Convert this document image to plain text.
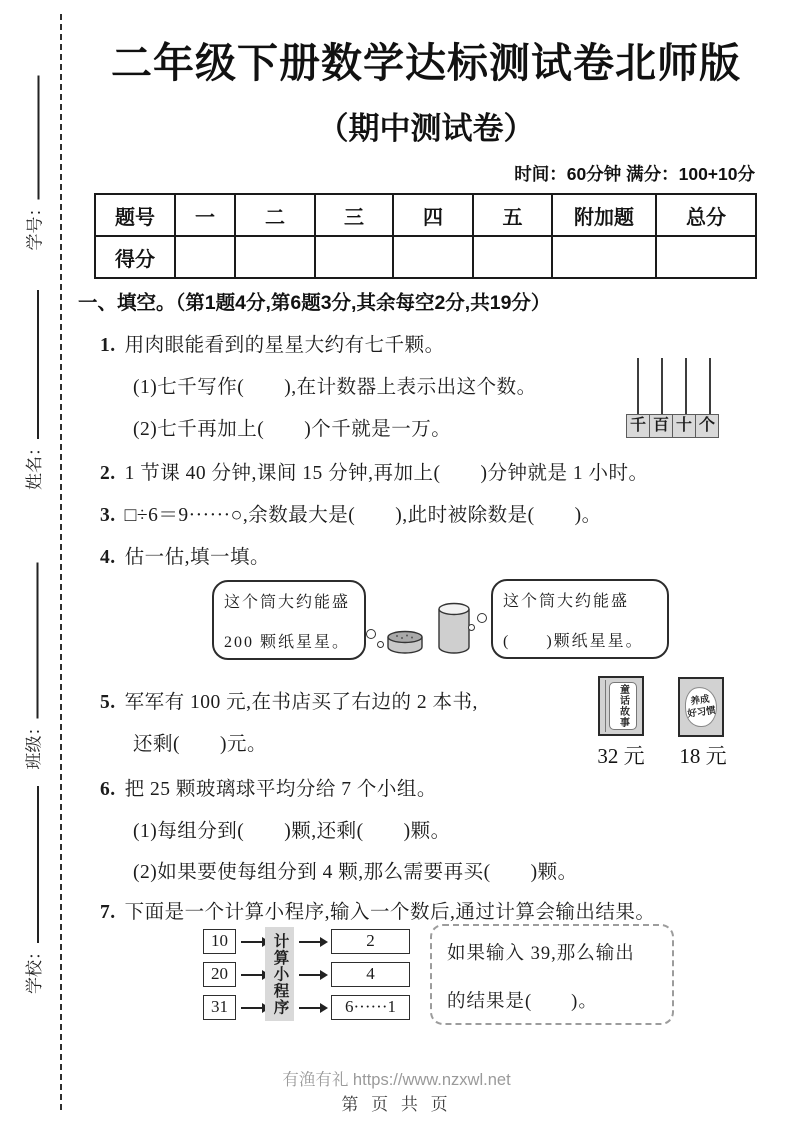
学号：
姓名：
班级：
学校：
二年级下册数学达标测试卷北师版
（期中测试卷）
时间：60分钟 满分：100+10分
题号	一	二	三	四	五	附加题	总分
得分							
一、填空。（第1题4分,第6题3分,其余每空2分,共19分）
1. 用肉眼能看到的星星大约有七千颗。
(1)七千写作(　　),在计数器上表示出这个数。
(2)七千再加上(　　)个千就是一万。	千 百 十 个
2. 1 节课 40 分钟,课间 15 分钟,再加上(　　)分钟就是 1 小时。
3. □÷6＝9······○,余数最大是(　　),此时被除数是(　　)。
4. 估一估,填一填。
这个筒大约能盛
200 颗纸星星。
这个筒大约能盛
(　　)颗纸星星。
5. 军军有 100 元,在书店买了右边的 2 本书,
还剩(　　)元。
童话故事
32 元
养成
好习惯
18 元
6. 把 25 颗玻璃球平均分给 7 个小组。
(1)每组分到(　　)颗,还剩(　　)颗。
(2)如果要使每组分到 4 颗,那么需要再买(　　)颗。
7. 下面是一个计算小程序,输入一个数后,通过计算会输出结果。
10
20
31	计算小程序	2
4
6······1
如果输入 39,那么输出
的结果是(　　)。
有渔有礼 https://www.nzxwl.net
第 页 共 页
